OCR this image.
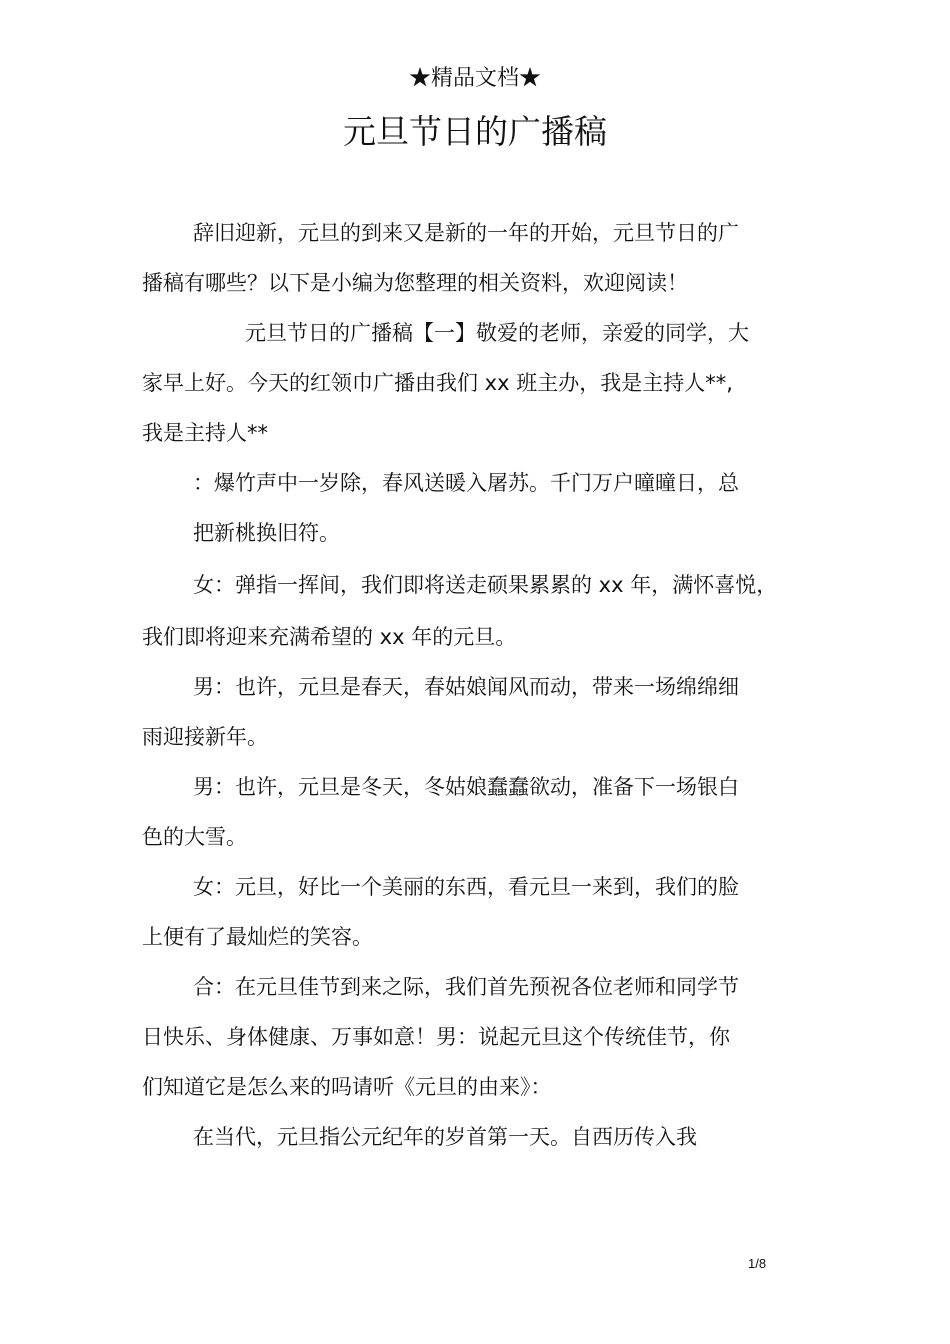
★精品文档★
元旦节日的广播稿
辞旧迎新，元旦的到来又是新的一年的开始，元旦节日的广
播稿有哪些？以下是小编为您整理的相关资料，欢迎阅读！
元旦节日的广播稿【一】敬爱的老师，亲爱的同学，大
家早上好。今天的红领巾广播由我们 xx 班主办，我是主持人**,
我是主持人**
：爆竹声中一岁除，春风送暖入屠苏。千门万户曈曈日，总
把新桃换旧符。
女：弹指一挥间，我们即将送走硕果累累的 xx 年，满怀喜悦，
我们即将迎来充满希望的 xx 年的元旦。
男：也许，元旦是春天，春姑娘闻风而动，带来一场绵绵细
雨迎接新年。
男：也许，元旦是冬天，冬姑娘蠢蠢欲动，准备下一场银白
色的大雪。
女：元旦，好比一个美丽的东西，看元旦一来到，我们的脸
上便有了最灿烂的笑容。
合：在元旦佳节到来之际，我们首先预祝各位老师和同学节
日快乐、身体健康、万事如意！男：说起元旦这个传统佳节，你
们知道它是怎么来的吗请听《元旦的由来》：
在当代，元旦指公元纪年的岁首第一天。自西历传入我
1/8
